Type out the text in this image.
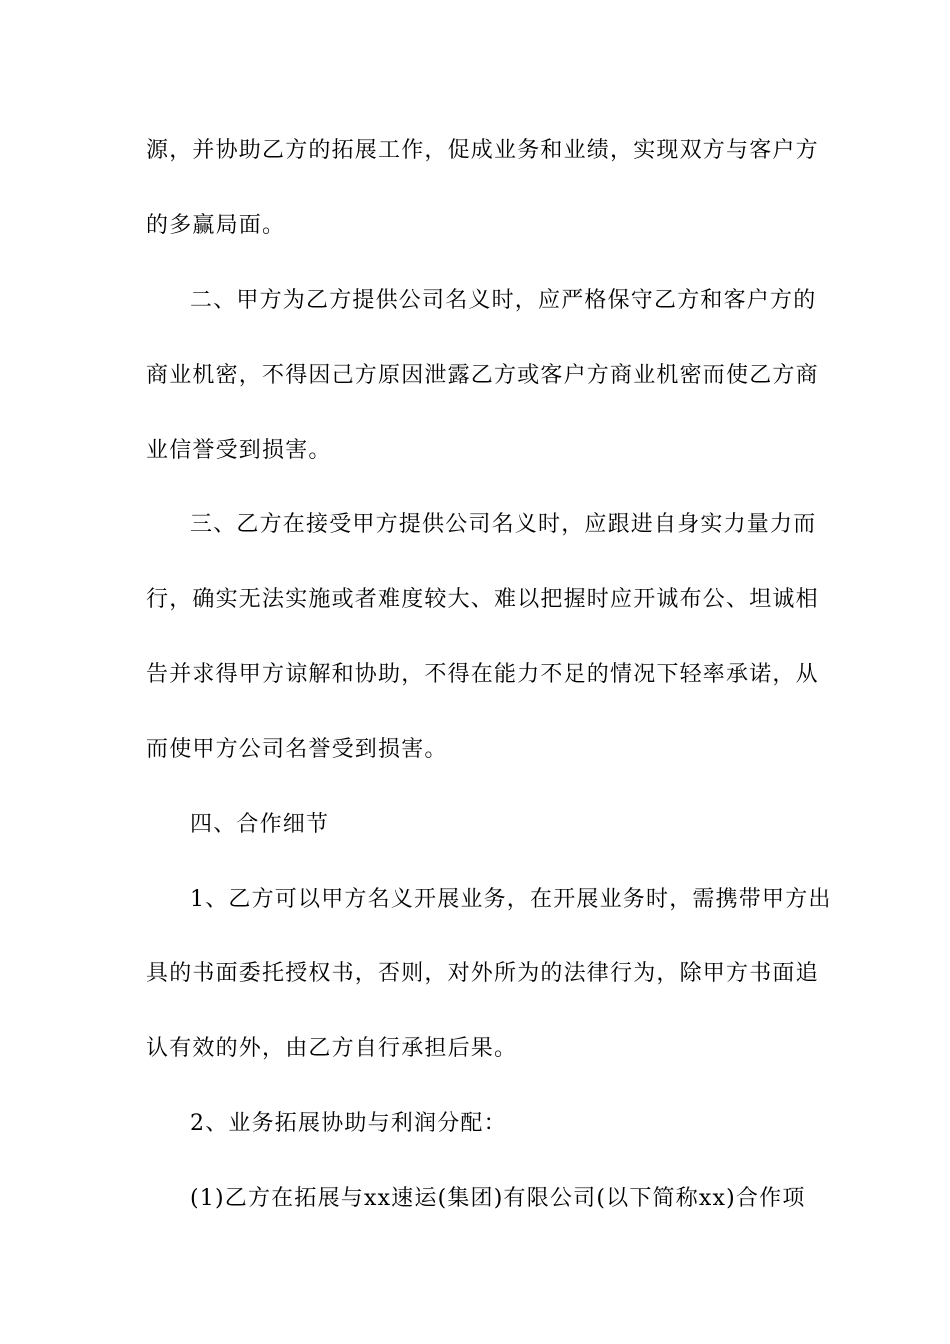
源，并协助乙方的拓展工作，促成业务和业绩，实现双方与客户方
的多赢局面。
二、甲方为乙方提供公司名义时，应严格保守乙方和客户方的
商业机密，不得因己方原因泄露乙方或客户方商业机密而使乙方商
业信誉受到损害。
三、乙方在接受甲方提供公司名义时，应跟进自身实力量力而
行，确实无法实施或者难度较大、难以把握时应开诚布公、坦诚相
告并求得甲方谅解和协助，不得在能力不足的情况下轻率承诺，从
而使甲方公司名誉受到损害。
四、合作细节
1、乙方可以甲方名义开展业务，在开展业务时，需携带甲方出
具的书面委托授权书，否则，对外所为的法律行为，除甲方书面追
认有效的外，由乙方自行承担后果。
2、业务拓展协助与利润分配：
(1)乙方在拓展与xx速运(集团)有限公司(以下简称xx)合作项
